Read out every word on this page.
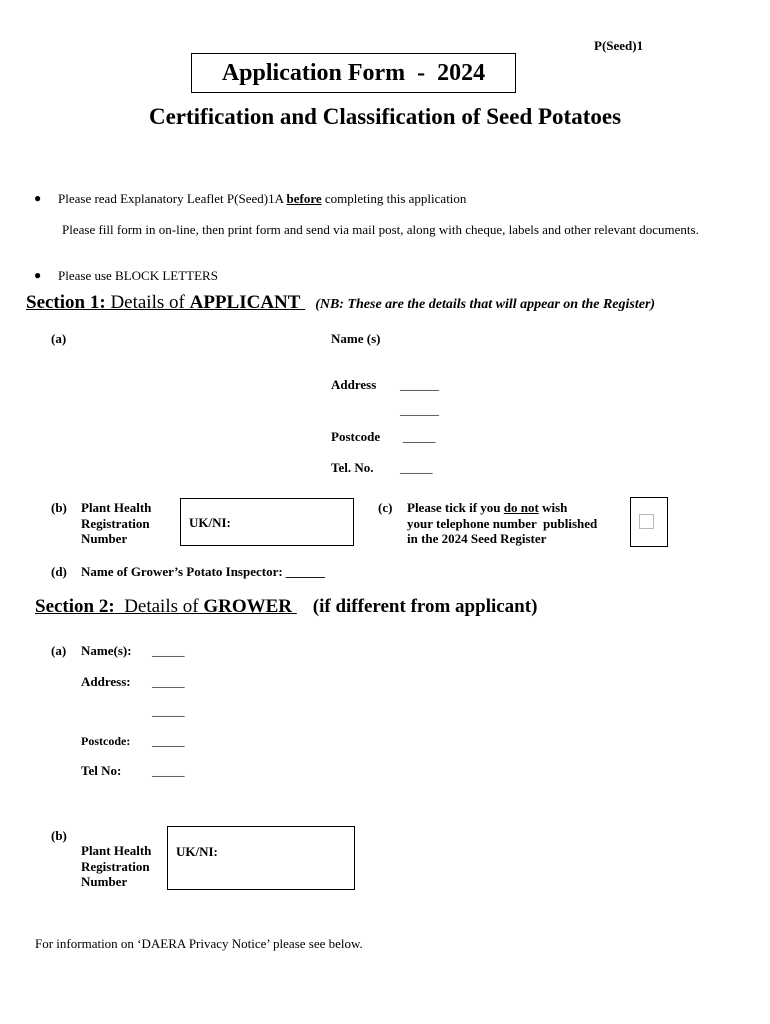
P(Seed)1
Application Form  -  2024
Certification and Classification of Seed Potatoes
● Please read Explanatory Leaflet P(Seed)1A before completing this application
Please fill form in on-line, then print form and send via mail post, along with cheque, labels and other relevant documents.
● Please use BLOCK LETTERS
Section 1: Details of APPLICANT (NB: These are the details that will appear on the Register)
(a)	Name (s)
Address ______
______
Postcode _____
Tel. No. _____
(b) Plant Health
Registration
Number
UK/NI:
(c) Please tick if you do not wish
your telephone number  published
in the 2024 Seed Register
(d) Name of Grower’s Potato Inspector: ______
Section 2:  Details of GROWER (if different from applicant)
(a) Name(s): _____
Address: _____
_____
Postcode: _____
Tel No: _____
(b)
Plant Health
Registration
Number
UK/NI:
For information on ‘DAERA Privacy Notice’ please see below.
